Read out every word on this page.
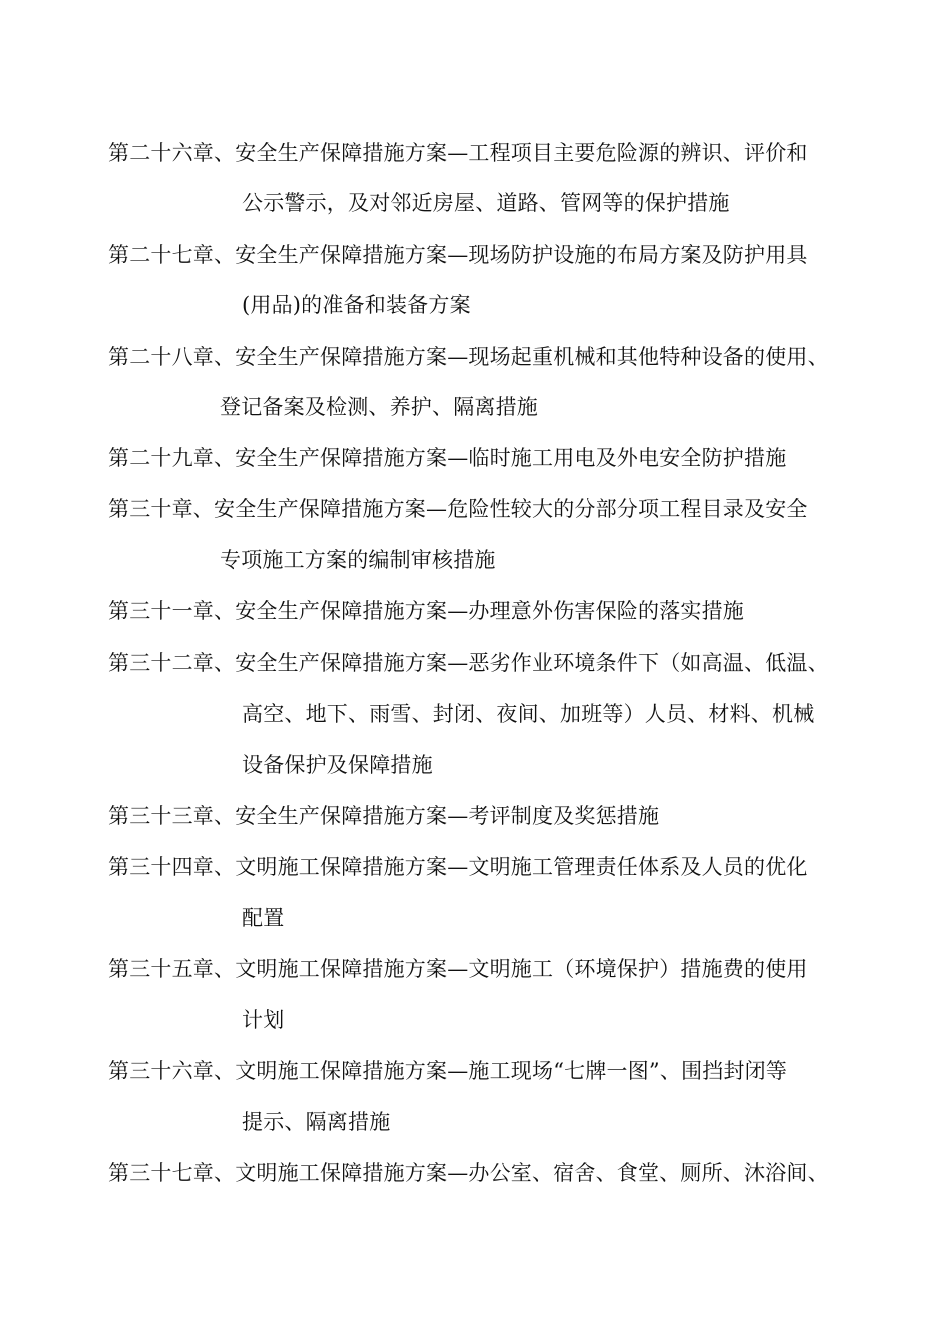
第二十六章、安全生产保障措施方案—工程项目主要危险源的辨识、评价和
公示警示，及对邻近房屋、道路、管网等的保护措施
第二十七章、安全生产保障措施方案—现场防护设施的布局方案及防护用具
(用品)的准备和装备方案
第二十八章、安全生产保障措施方案—现场起重机械和其他特种设备的使用、
登记备案及检测、养护、隔离措施
第二十九章、安全生产保障措施方案—临时施工用电及外电安全防护措施
第三十章、安全生产保障措施方案—危险性较大的分部分项工程目录及安全
专项施工方案的编制审核措施
第三十一章、安全生产保障措施方案—办理意外伤害保险的落实措施
第三十二章、安全生产保障措施方案—恶劣作业环境条件下（如高温、低温、
高空、地下、雨雪、封闭、夜间、加班等）人员、材料、机械
设备保护及保障措施
第三十三章、安全生产保障措施方案—考评制度及奖惩措施
第三十四章、文明施工保障措施方案—文明施工管理责任体系及人员的优化
配置
第三十五章、文明施工保障措施方案—文明施工（环境保护）措施费的使用
计划
第三十六章、文明施工保障措施方案—施工现场“七牌一图”、围挡封闭等
提示、隔离措施
第三十七章、文明施工保障措施方案—办公室、宿舍、食堂、厕所、沐浴间、
